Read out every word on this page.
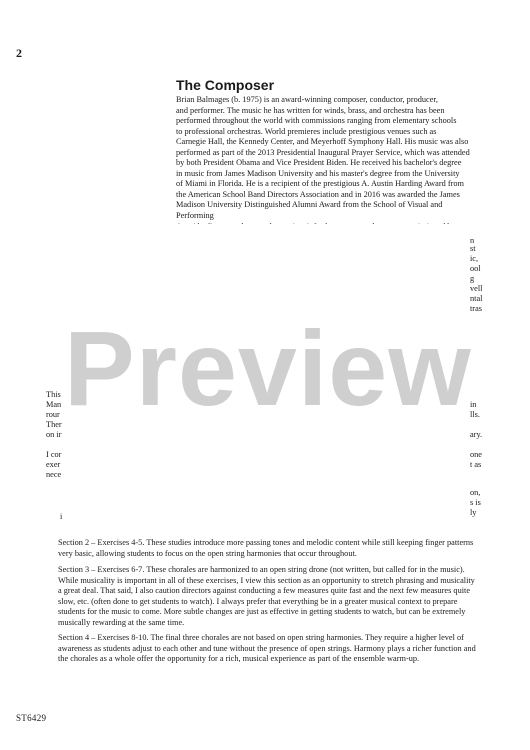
2
The Composer

Brian Balmages (b. 1975) is an award-winning composer, conductor, producer,

and performer. The music he has written for winds, brass, and orchestra has been

performed throughout the world with commissions ranging from elementary schools

to professional orchestras. World premieres include prestigious venues such as

Carnegie Hall, the Kennedy Center, and Meyerhoff Symphony Hall. His music was also

performed as part of the 2013 Presidential Inaugural Prayer Service, which was attended

by both President Obama and Vice President Biden. He received his bachelor's degree

in music from James Madison University and his master's degree from the University

of Miami in Florida. He is a recipient of the prestigious A. Austin Harding Award from

the American School Band Directors Association and in 2016 was awarded the James

Madison University Distinguished Alumni Award from the School of Visual and Performing

n
st
ic,
ool
g
vell
ntal
tras
This
Man
rour
Ther
on ir
I cor
exer
nece
in
lls.
ary.
one
t as
i
on,
s is
ly
Preview

Section 2 – Exercises 4-5. These studies introduce more passing tones and melodic content while still keeping finger patterns very basic, allowing students to focus on the open string harmonies that occur throughout.

Section 3 – Exercises 6-7. These chorales are harmonized to an open string drone (not written, but called for in the music). While musicality is important in all of these exercises, I view this section as an opportunity to stretch phrasing and musicality a great deal. That said, I also caution directors against conducting a few measures quite fast and the next few measures quite slow, etc. (often done to get students to watch). I always prefer that everything be in a greater musical context to prepare students for the music to come. More subtle changes are just as effective in getting students to watch, but can be extremely musically rewarding at the same time.

Section 4 – Exercises 8-10. The final three chorales are not based on open string harmonies. They require a higher level of awareness as students adjust to each other and tune without the presence of open strings. Harmony plays a richer function and the chorales as a whole offer the opportunity for a rich, musical experience as part of the ensemble warm-up.

ST6429
